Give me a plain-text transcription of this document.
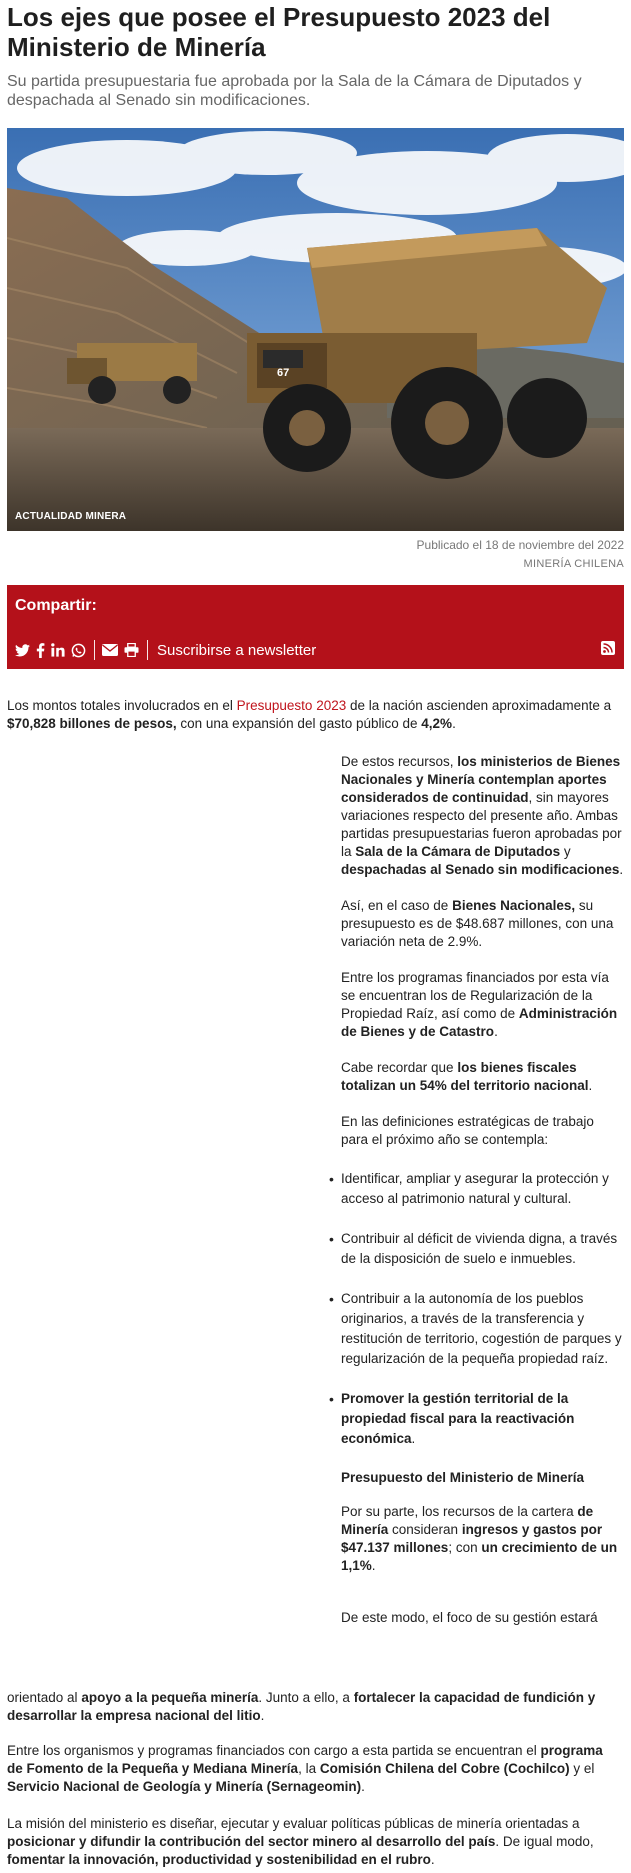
Los ejes que posee el Presupuesto 2023 del Ministerio de Minería

Su partida presupuestaria fue aprobada por la Sala de la Cámara de Diputados y despachada al Senado sin modificaciones.

67
ACTUALIDAD MINERA
Publicado el 18 de noviembre del 2022
MINERÍA CHILENA
Compartir:
Suscribirse a newsletter

Los montos totales involucrados en el Presupuesto 2023 de la nación ascienden aproximadamente a $70,828 billones de pesos, con una expansión del gasto público de 4,2%.

De estos recursos, los ministerios de Bienes Nacionales y Minería contemplan aportes considerados de continuidad, sin mayores variaciones respecto del presente año. Ambas partidas presupuestarias fueron aprobadas por la Sala de la Cámara de Diputados y despachadas al Senado sin modificaciones.

Así, en el caso de Bienes Nacionales, su presupuesto es de $48.687 millones, con una variación neta de 2.9%.

Entre los programas financiados por esta vía se encuentran los de Regularización de la Propiedad Raíz, así como de Administración de Bienes y de Catastro.

Cabe recordar que los bienes fiscales totalizan un 54% del territorio nacional.

En las definiciones estratégicas de trabajo para el próximo año se contempla:

• Identificar, ampliar y asegurar la protección y acceso al patrimonio natural y cultural.
• Contribuir al déficit de vivienda digna, a través de la disposición de suelo e inmuebles.
• Contribuir a la autonomía de los pueblos originarios, a través de la transferencia y restitución de territorio, cogestión de parques y regularización de la pequeña propiedad raíz.
• Promover la gestión territorial de la propiedad fiscal para la reactivación económica.

Presupuesto del Ministerio de Minería

Por su parte, los recursos de la cartera de Minería consideran ingresos y gastos por $47.137 millones; con un crecimiento de un 1,1%.

De este modo, el foco de su gestión estará

orientado al apoyo a la pequeña minería. Junto a ello, a fortalecer la capacidad de fundición y desarrollar la empresa nacional del litio.

Entre los organismos y programas financiados con cargo a esta partida se encuentran el programa de Fomento de la Pequeña y Mediana Minería, la Comisión Chilena del Cobre (Cochilco) y el Servicio Nacional de Geología y Minería (Sernageomin).

La misión del ministerio es diseñar, ejecutar y evaluar políticas públicas de minería orientadas a posicionar y difundir la contribución del sector minero al desarrollo del país. De igual modo, fomentar la innovación, productividad y sostenibilidad en el rubro.
